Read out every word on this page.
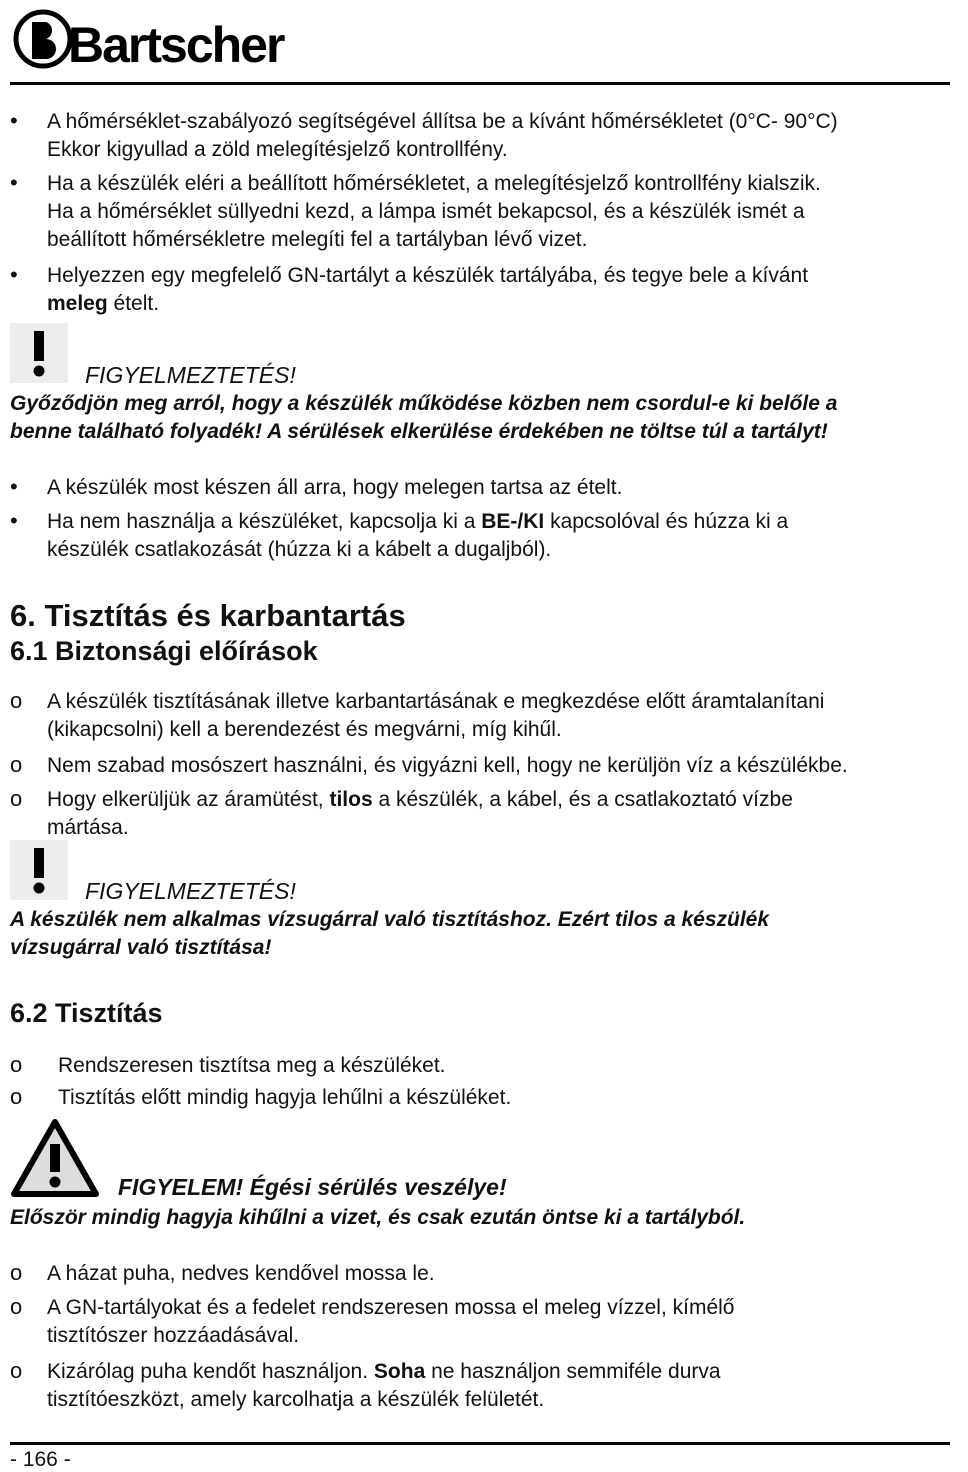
Bartscher
• A hőmérséklet-szabályozó segítségével állítsa be a kívánt hőmérsékletet (0°C- 90°C)
Ekkor kigyullad a zöld melegítésjelző kontrollfény.
• Ha a készülék eléri a beállított hőmérsékletet, a melegítésjelző kontrollfény kialszik.
Ha a hőmérséklet süllyedni kezd, a lámpa ismét bekapcsol, és a készülék ismét a
beállított hőmérsékletre melegíti fel a tartályban lévő vizet.
• Helyezzen egy megfelelő GN-tartályt a készülék tartályába, és tegye bele a kívánt
meleg ételt.
FIGYELMEZTETÉS!
Győződjön meg arról, hogy a készülék működése közben nem csordul-e ki belőle a
benne található folyadék! A sérülések elkerülése érdekében ne töltse túl a tartályt!
• A készülék most készen áll arra, hogy melegen tartsa az ételt.
• Ha nem használja a készüléket, kapcsolja ki a BE-/KI kapcsolóval és húzza ki a
készülék csatlakozását (húzza ki a kábelt a dugaljból).
6. Tisztítás és karbantartás
6.1 Biztonsági előírások
o A készülék tisztításának illetve karbantartásának e megkezdése előtt áramtalanítani
(kikapcsolni) kell a berendezést és megvárni, míg kihűl.
o Nem szabad mosószert használni, és vigyázni kell, hogy ne kerüljön víz a készülékbe.
o Hogy elkerüljük az áramütést, tilos a készülék, a kábel, és a csatlakoztató vízbe
mártása.
FIGYELMEZTETÉS!
A készülék nem alkalmas vízsugárral való tisztításhoz. Ezért tilos a készülék
vízsugárral való tisztítása!
6.2 Tisztítás
o Rendszeresen tisztítsa meg a készüléket.
o Tisztítás előtt mindig hagyja lehűlni a készüléket.
FIGYELEM! Égési sérülés veszélye!
Először mindig hagyja kihűlni a vizet, és csak ezután öntse ki a tartályból.
o A házat puha, nedves kendővel mossa le.
o A GN-tartályokat és a fedelet rendszeresen mossa el meleg vízzel, kímélő
tisztítószer hozzáadásával.
o Kizárólag puha kendőt használjon. Soha ne használjon semmiféle durva
tisztítóeszközt, amely karcolhatja a készülék felületét.
- 166 -
